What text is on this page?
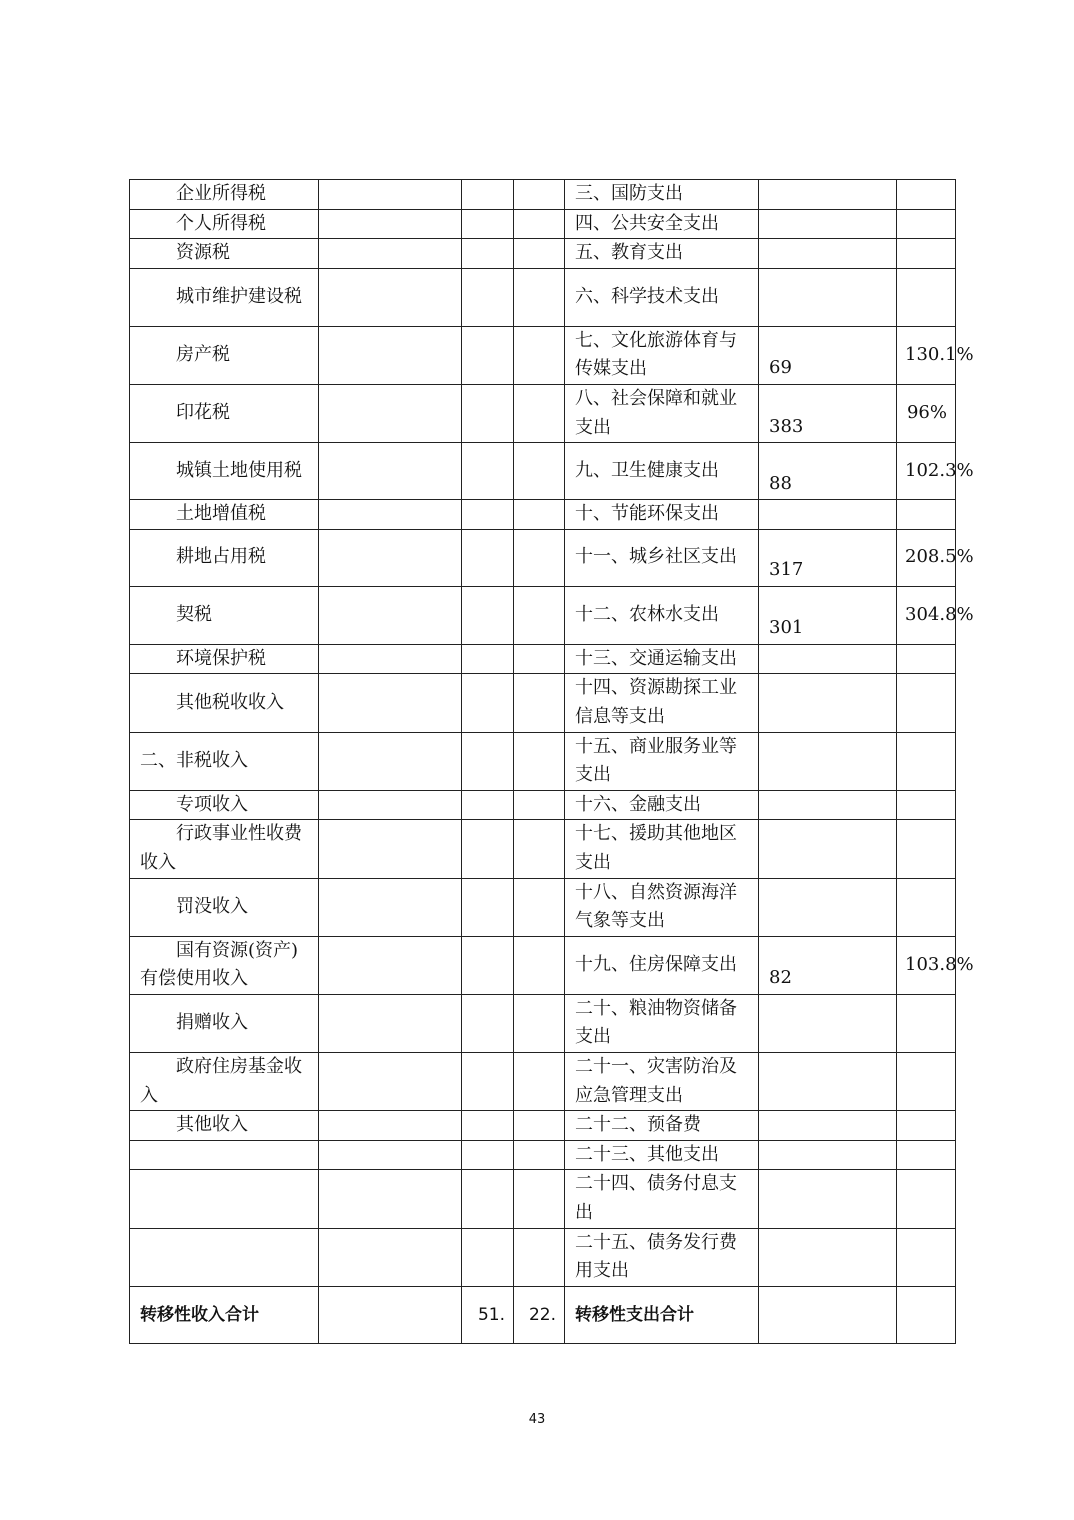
企业所得税				三、国防支出		

个人所得税				四、公共安全支出		

资源税				五、教育支出		

城市维护建设税				六、科学技术支出		

房产税				七、文化旅游体育与传媒支出	69	130.1%

印花税				八、社会保障和就业支出	383	96%

城镇土地使用税				九、卫生健康支出	88	102.3%

土地增值税				十、节能环保支出		

耕地占用税				十一、城乡社区支出	317	208.5%

契税				十二、农林水支出	301	304.8%

环境保护税				十三、交通运输支出		

其他税收收入				十四、资源勘探工业信息等支出		
二、非税收入				十五、商业服务业等支出		

专项收入				十六、金融支出		

行政事业性收费收入				十七、援助其他地区支出		

罚没收入				十八、自然资源海洋气象等支出		

国有资源(资产)有偿使用收入				十九、住房保障支出	82	103.8%

捐赠收入				二十、粮油物资储备支出		

政府住房基金收入				二十一、灾害防治及应急管理支出		

其他收入				二十二、预备费		
				二十三、其他支出		
				二十四、债务付息支出		
				二十五、债务发行费用支出		
转移性收入合计		51.	22.	转移性支出合计		
43
